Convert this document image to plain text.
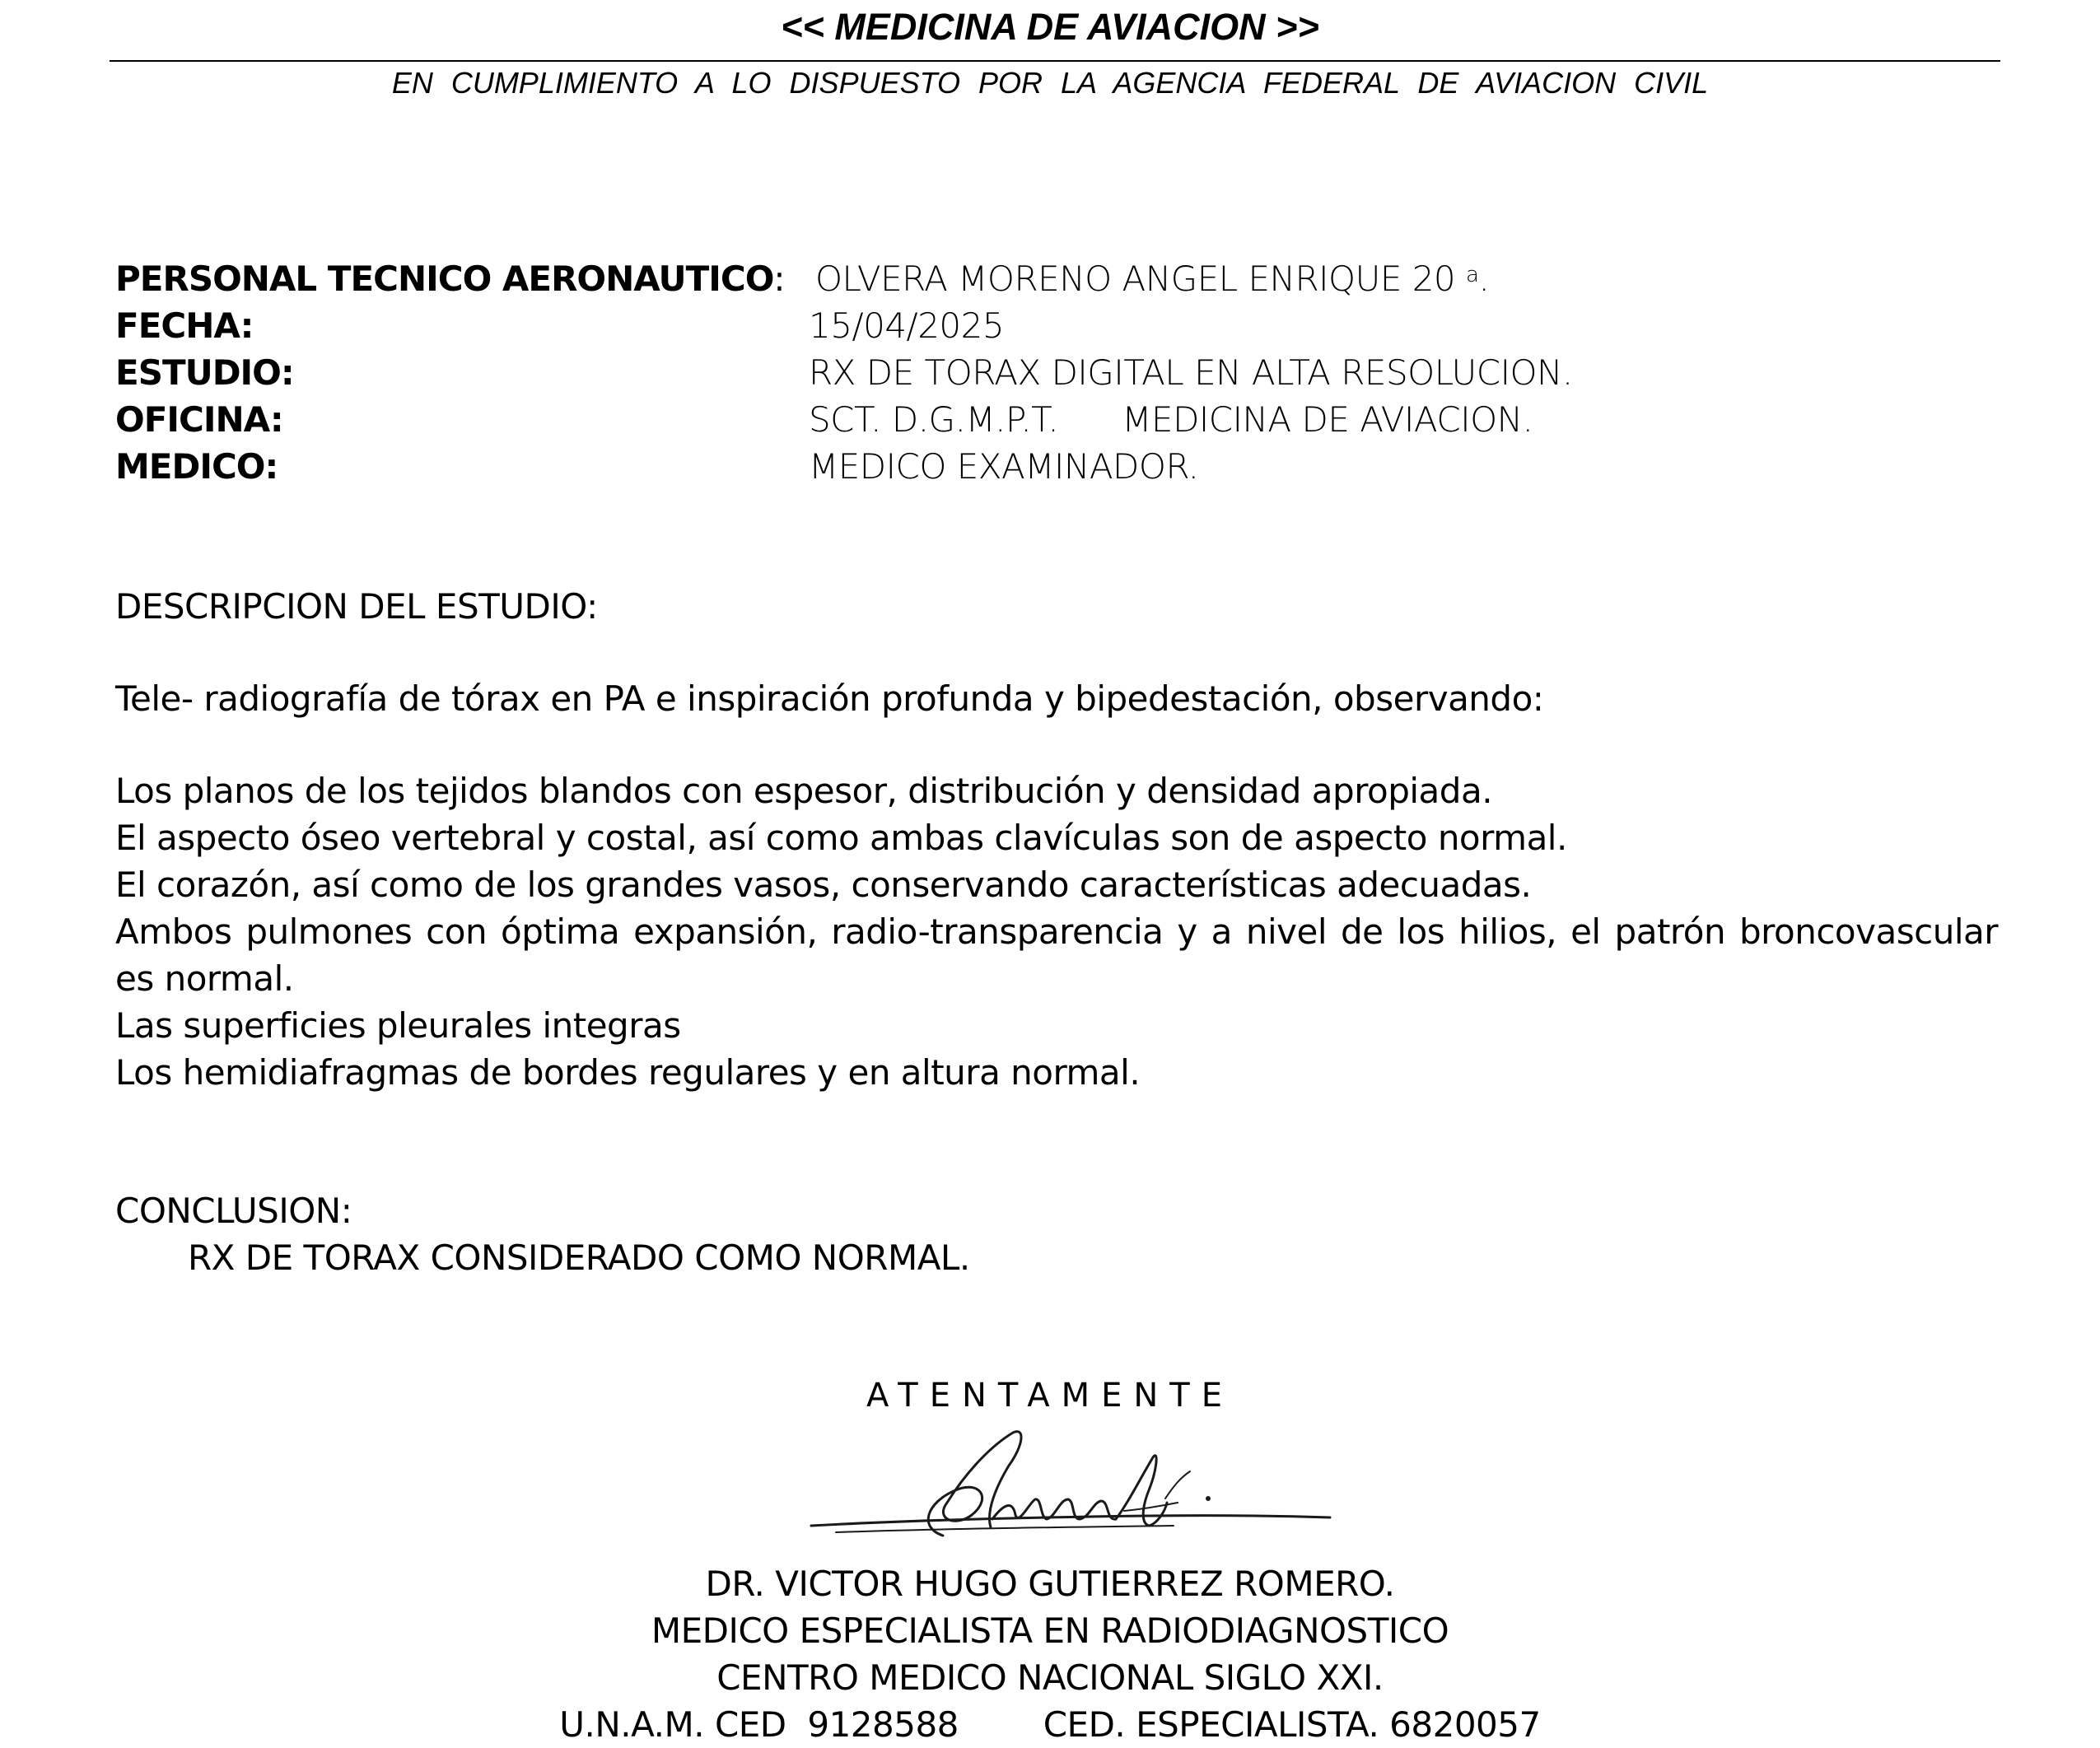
<< MEDICINA DE AVIACION >>
EN CUMPLIMIENTO A LO DISPUESTO POR LA AGENCIA FEDERAL DE AVIACION CIVIL
PERSONAL TECNICO AERONAUTICO: OLVERA MORENO ANGEL ENRIQUE 20 $^a$.
FECHA:	15/04/2025
ESTUDIO:	RX DE TORAX DIGITAL EN ALTA RESOLUCION.
OFICINA:	SCT. D.G.M.P.T.      MEDICINA DE AVIACION.
MEDICO:	MEDICO EXAMINADOR.
DESCRIPCION DEL ESTUDIO:
Tele- radiografía de tórax en PA e inspiración profunda y bipedestación, observando:

Los planos de los tejidos blandos con espesor, distribución y densidad apropiada.

El aspecto óseo vertebral y costal, así como ambas clavículas son de aspecto normal.

El corazón, así como de los grandes vasos, conservando características adecuadas.

Ambos pulmones con óptima expansión, radio-transparencia y a nivel de los hilios, el patrón broncovascular es normal.

Las superficies pleurales integras

Los hemidiafragmas de bordes regulares y en altura normal.

CONCLUSION:
RX DE TORAX CONSIDERADO COMO NORMAL.
ATENTAMENTE
DR. VICTOR HUGO GUTIERREZ ROMERO.
MEDICO ESPECIALISTA EN RADIODIAGNOSTICO
CENTRO MEDICO NACIONAL SIGLO XXI.
U.N.A.M. CED  9128588        CED. ESPECIALISTA. 6820057
